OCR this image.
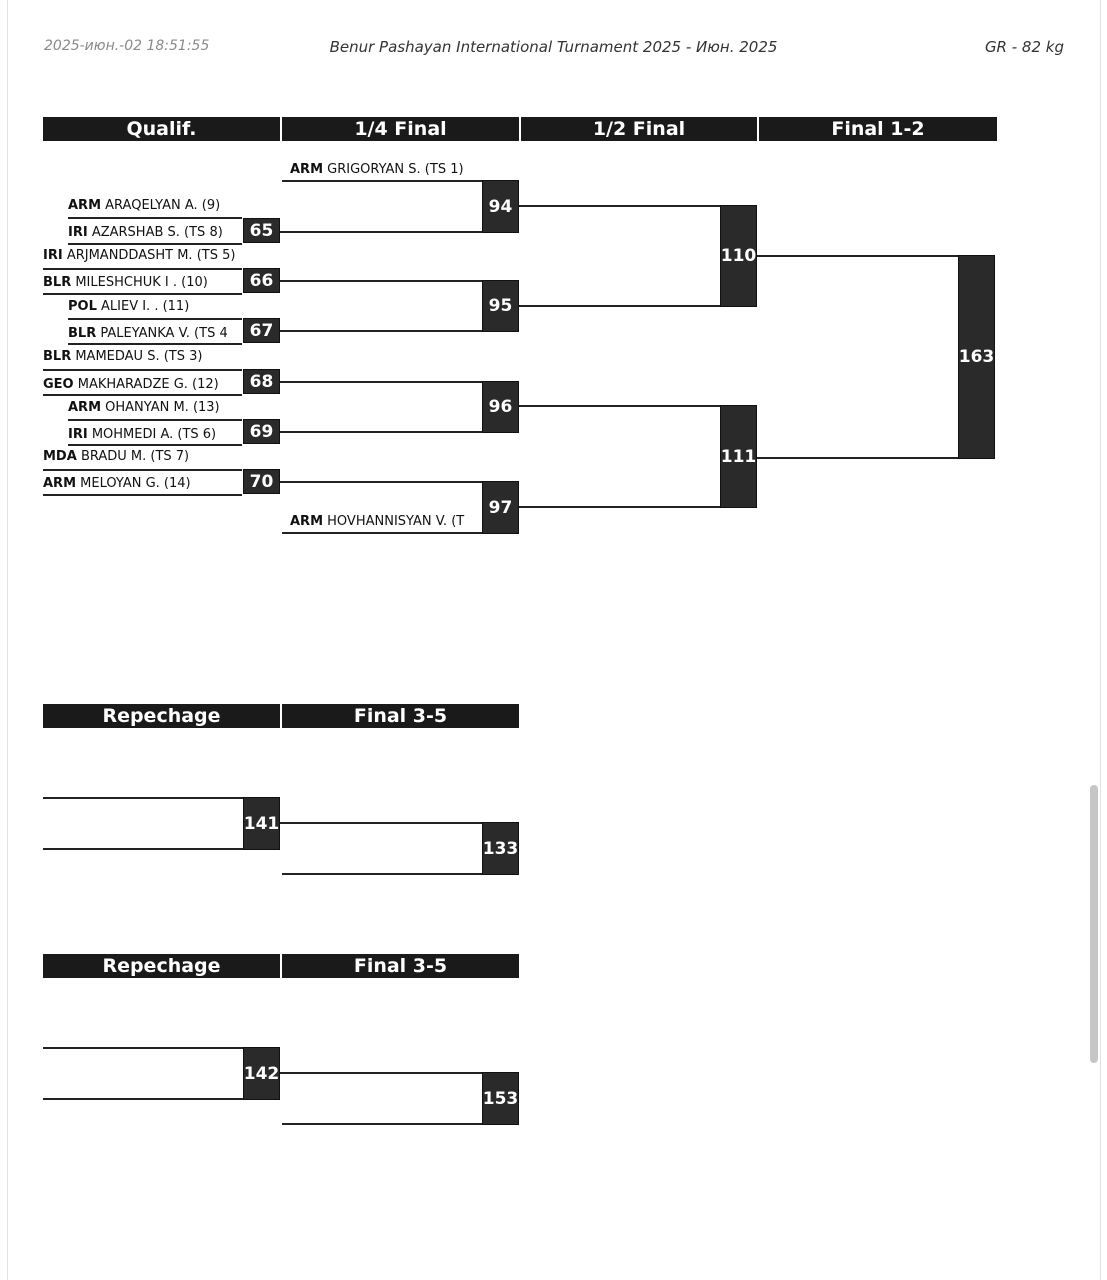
2025-июн.-02 18:51:55	Benur Pashayan International Turnament 2025 - Июн. 2025	GR - 82 kg
Qualif.	1/4 Final	1/2 Final	Final 1-2
ARM GRIGORYAN S. (TS 1)
ARM ARAQELYAN A. (9)
IRI AZARSHAB S. (TS 8)
IRI ARJMANDDASHT M. (TS 5)
BLR MILESHCHUK I . (10)
POL ALIEV I. . (11)
BLR PALEYANKA V. (TS 4
BLR MAMEDAU S. (TS 3)
GEO MAKHARADZE G. (12)
ARM OHANYAN M. (13)
IRI MOHMEDI A. (TS 6)
MDA BRADU M. (TS 7)
ARM MELOYAN G. (14)
ARM HOVHANNISYAN V. (T
65
66
67
68
69
70
94
95
96
97
110
111
163
Repechage	Final 3-5
141
133
Repechage	Final 3-5
142
153
